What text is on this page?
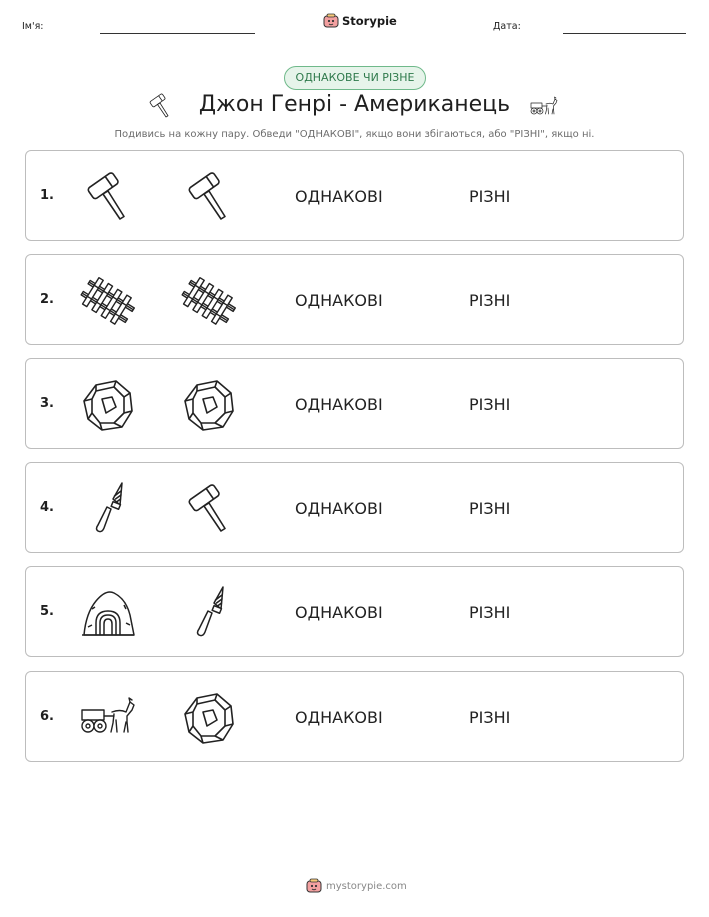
Ім'я:	Storypie	Дата:
ОДНАКОВЕ ЧИ РІЗНЕ
Джон Генрі - Американець
Подивись на кожну пару. Обведи "ОДНАКОВІ", якщо вони збігаються, або "РІЗНІ", якщо ні.
1.	ОДНАКОВІ	РІЗНІ
2.	ОДНАКОВІ	РІЗНІ
3.	ОДНАКОВІ	РІЗНІ
4.	ОДНАКОВІ	РІЗНІ
5.	ОДНАКОВІ	РІЗНІ
6.	ОДНАКОВІ	РІЗНІ
mystorypie.com
